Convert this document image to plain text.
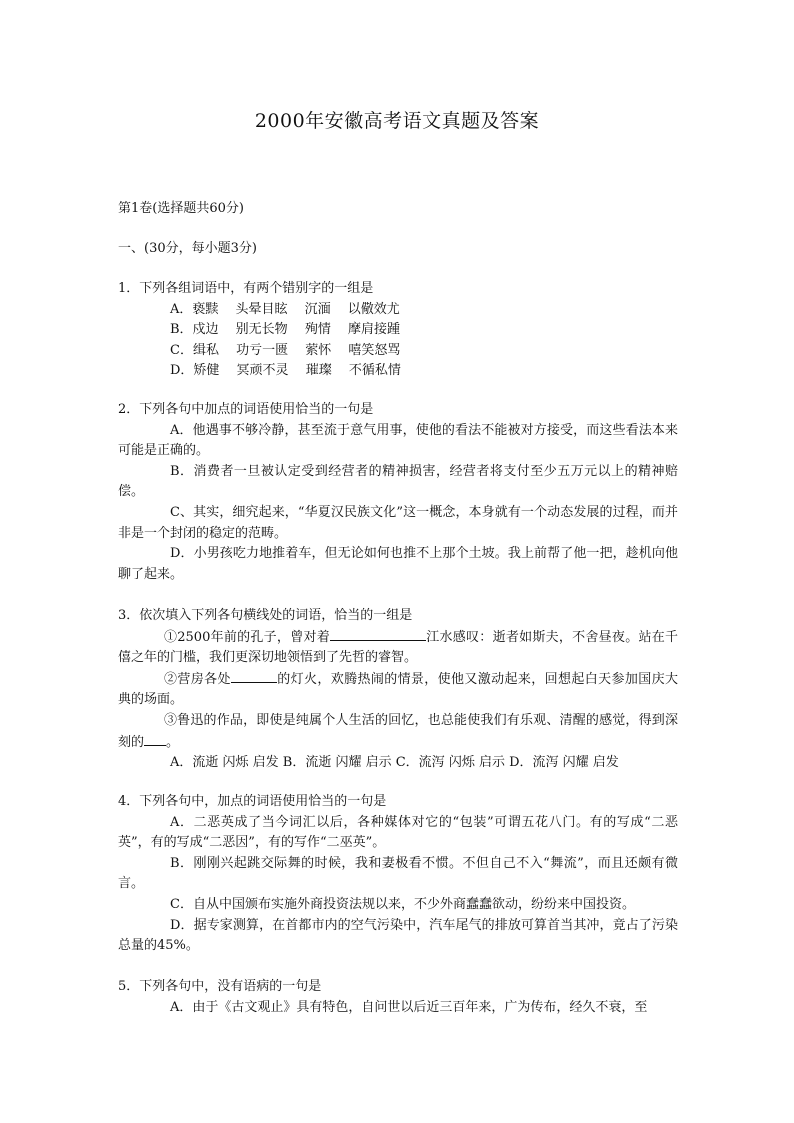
2000年安徽高考语文真题及答案
第1卷(选择题共60分)
一、(30分，每小题3分)
1．下列各组词语中，有两个错别字的一组是
A．亵黩　 头晕目眩　 沉湎　 以儆效尤
B．戍边　 别无长物　 殉情　 摩肩接踵
C．缉私　 功亏一匮　 萦怀　 嘻笑怒骂
D．矫健　 冥顽不灵　 璀璨　 不循私情
2．下列各句中加点的词语使用恰当的一句是

A．他遇事不够冷静，甚至流于意气用事，使他的看法不能被对方接受，而这些看法本来可能是正确的。

B．消费者一旦被认定受到经营者的精神损害，经营者将支付至少五万元以上的精神赔偿。

C、其实，细究起来，“华夏汉民族文化”这一概念，本身就有一个动态发展的过程，而并非是一个封闭的稳定的范畴。

D．小男孩吃力地推着车，但无论如何也推不上那个土坡。我上前帮了他一把，趁机向他聊了起来。

3．依次填入下列各句横线处的词语，恰当的一组是

①2500年前的孔子，曾对着	江水感叹：逝者如斯夫，不舍昼夜。站在千僖之年的门槛，我们更深切地领悟到了先哲的睿智。

②营房各处	的灯火，欢腾热闹的情景，使他又激动起来，回想起白天参加国庆大典的场面。

③鲁迅的作品，即使是纯属个人生活的回忆，也总能使我们有乐观、清醒的感觉，得到深刻的 。

A．流逝 闪烁 启发 B．流逝 闪耀 启示 C．流泻 闪烁 启示 D．流泻 闪耀 启发
4．下列各句中，加点的词语使用恰当的一句是

A．二恶英成了当今词汇以后，各种媒体对它的“包装”可谓五花八门。有的写成“二恶英”，有的写成“二恶因”，有的写作“二巫英”。

B．刚刚兴起跳交际舞的时候，我和妻极看不惯。不但自己不入“舞流”，而且还颇有微言。

C．自从中国颁布实施外商投资法规以来，不少外商蠢蠢欲动，纷纷来中国投资。

D．据专家测算，在首都市内的空气污染中，汽车尾气的排放可算首当其冲，竟占了污染总量的45%。

5．下列各句中，没有语病的一句是
A．由于《古文观止》具有特色，自问世以后近三百年来，广为传布，经久不衰，至
